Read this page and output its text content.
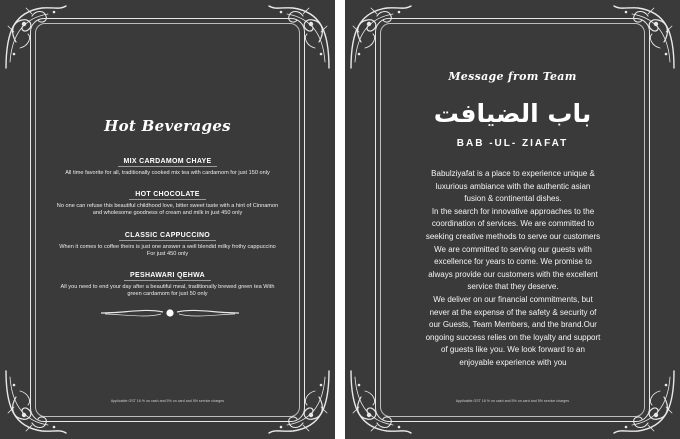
Hot Beverages
MIX CARDAMOM CHAYE
All time favorite for all, traditionally cooked mix tea with cardamom for just 150 only
HOT CHOCOLATE
No one can refuse this beautiful childhood love, bitter sweet taste with a hint of Cinnamon and wholesome goodness of cream and milk in just 450 only
CLASSIC CAPPUCCINO
When it comes to coffee theirs is just one answer a well blendid milky frothy cappuccino For just 450 only
PESHAWARI QEHWA
All you need to end your day after a beautiful meal, traditionally brewed green tea With green cardamom for just 50 only
Applicable GST 16 % on cash and 5% on card and 5% service charges
Message from Team
باب الضيافت
BAB -UL- ZIAFAT

Babulziyafat is a place to experience unique &

luxurious ambiance with the authentic asian

fusion & continental dishes.

In the search for innovative approaches to the

coordination of services. We are committed to

seeking creative methods to serve our customers

We are committed to serving our guests with

excellence for years to come. We promise to

always provide our customers with the excellent

service that they deserve.

We deliver on our financial commitments, but

never at the expense of the safety & security of

our Guests, Team Members, and the brand.Our

ongoing success relies on the loyalty and support

of guests like you. We look forward to an

enjoyable experience with you

Applicable GST 16 % on cash and 5% on card and 5% service charges
